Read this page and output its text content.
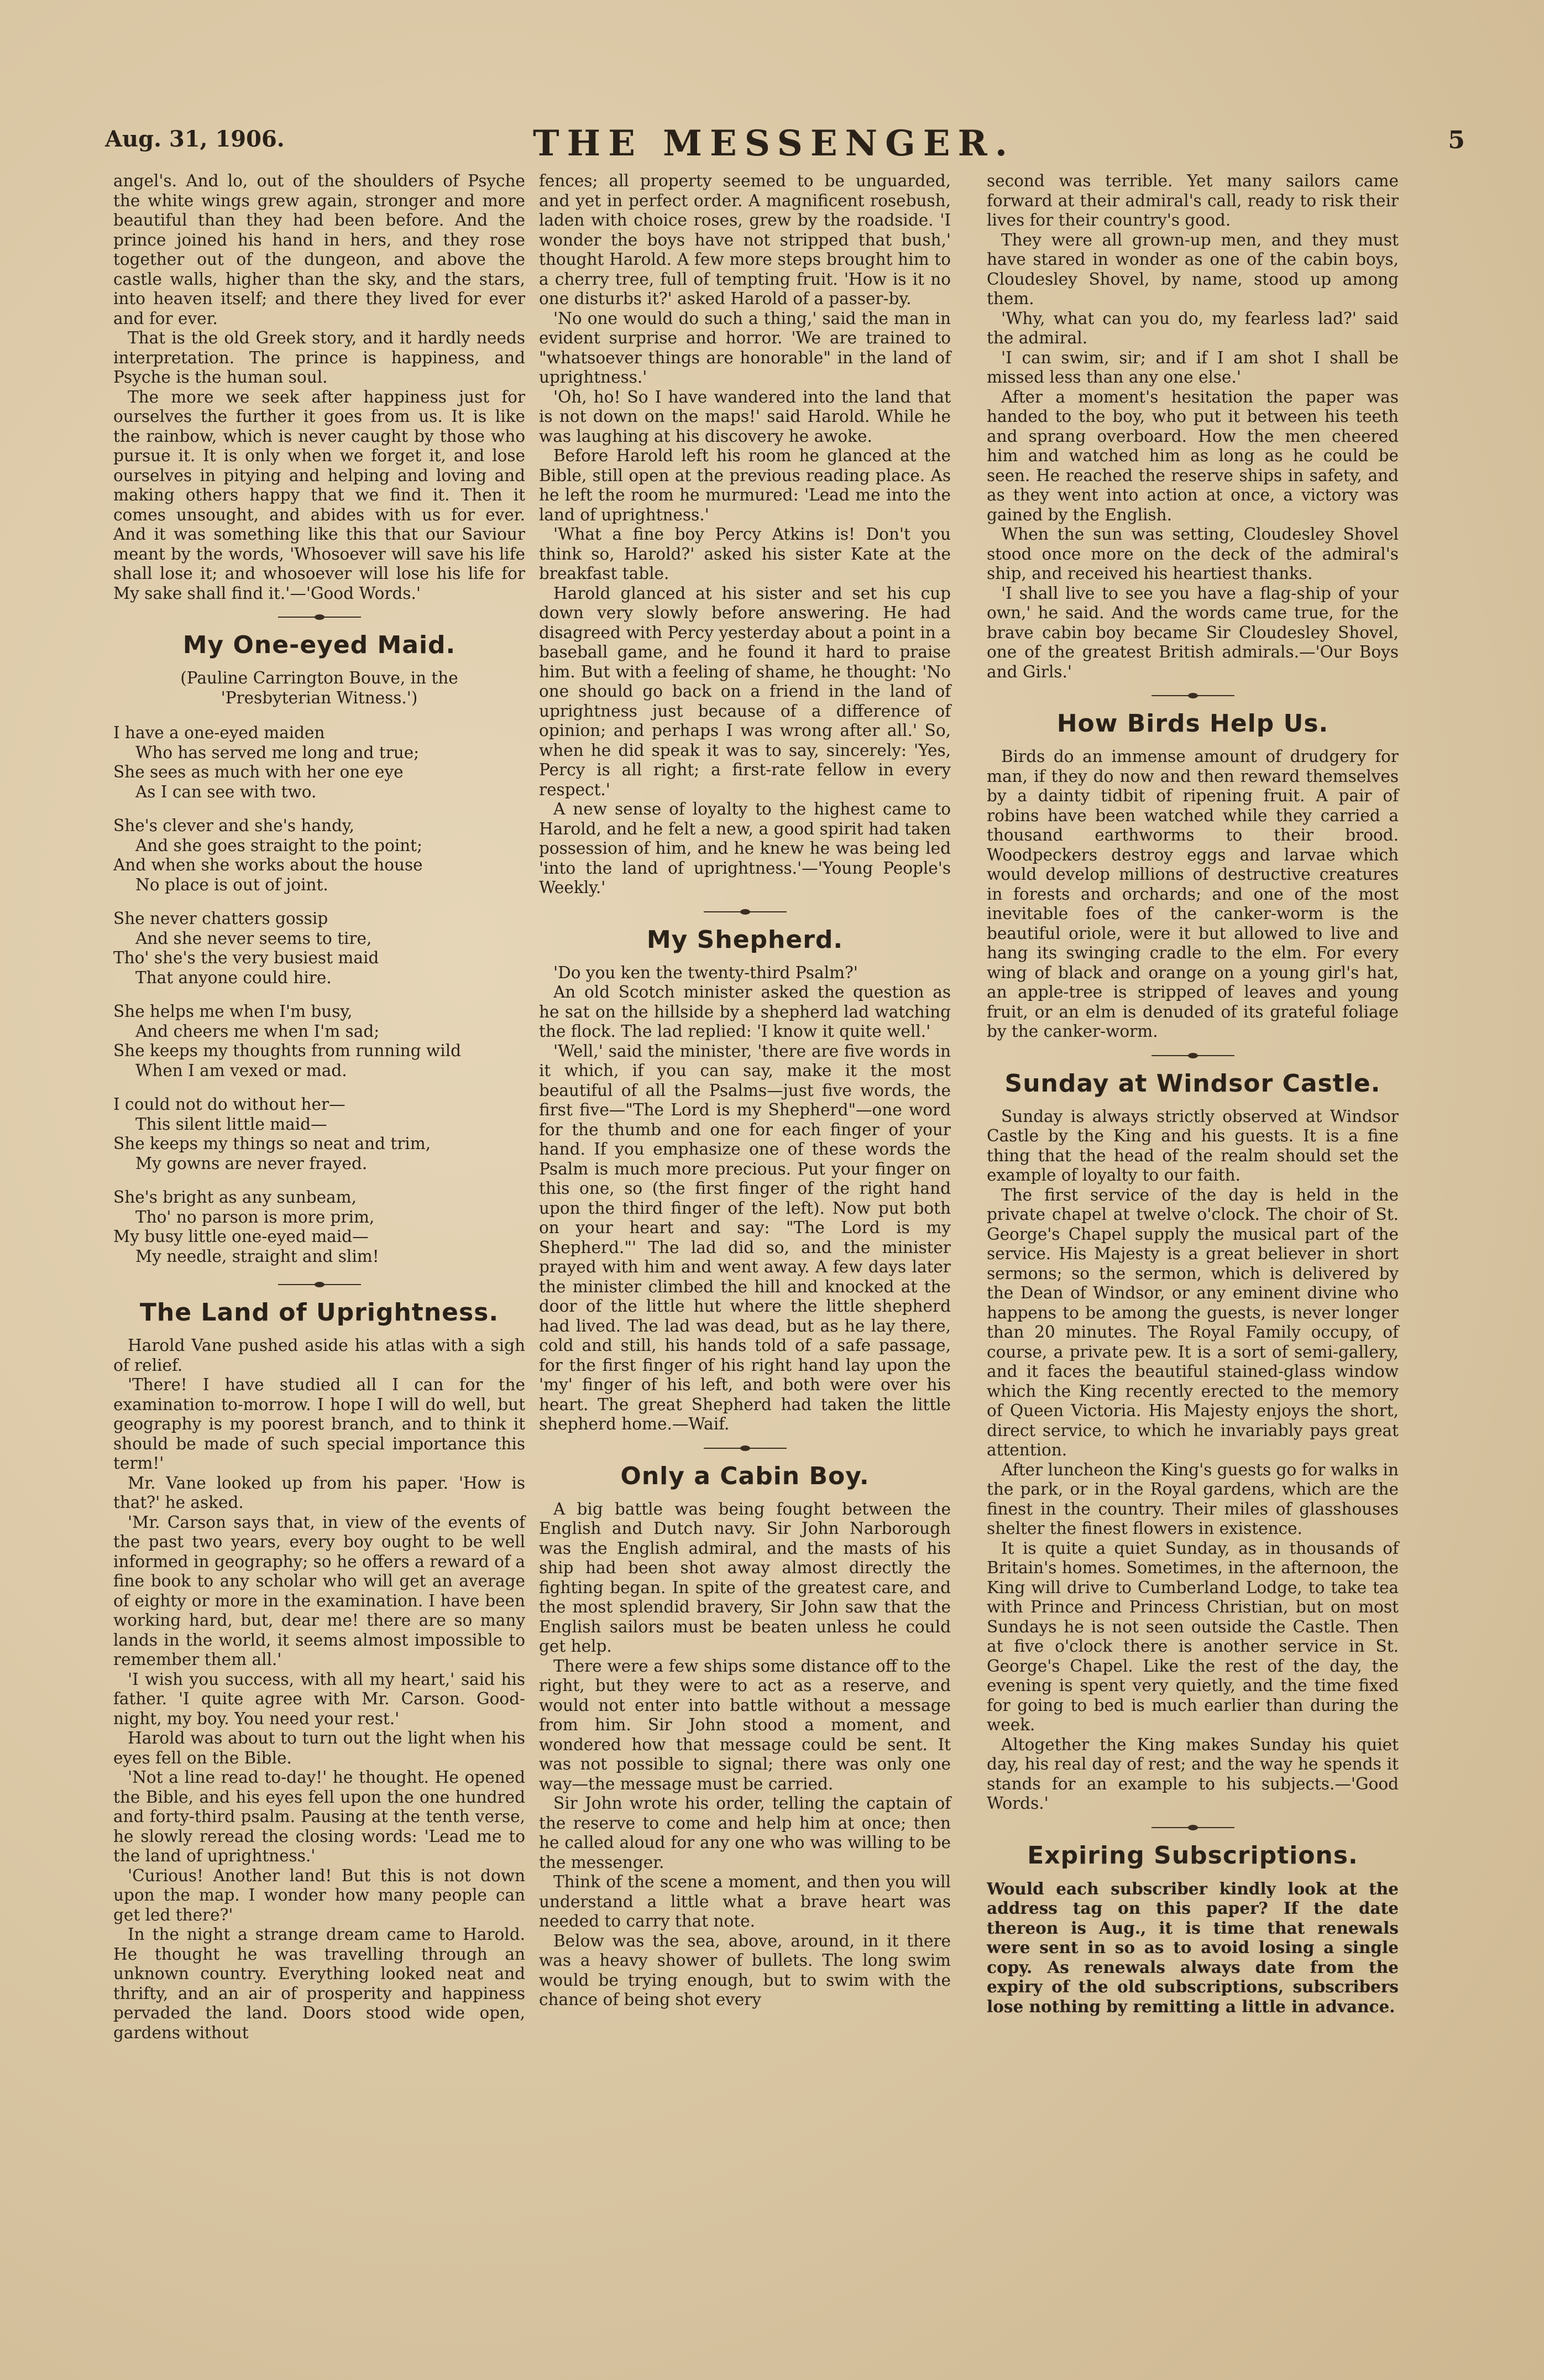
Aug. 31, 1906.	THE MESSENGER.	5

angel's. And lo, out of the shoulders of Psyche the white wings grew again, stronger and more beautiful than they had been before. And the prince joined his hand in hers, and they rose together out of the dungeon, and above the castle walls, higher than the sky, and the stars, into heaven itself; and there they lived for ever and for ever.

That is the old Greek story, and it hardly needs interpretation. The prince is happiness, and Psyche is the human soul.

The more we seek after happiness just for ourselves the further it goes from us. It is like the rainbow, which is never caught by those who pursue it. It is only when we forget it, and lose ourselves in pitying and helping and loving and making others happy that we find it. Then it comes unsought, and abides with us for ever. And it was something like this that our Saviour meant by the words, 'Whosoever will save his life shall lose it; and whosoever will lose his life for My sake shall find it.'—'Good Words.'

My One-eyed Maid.

(Pauline Carrington Bouve, in the

'Presbyterian Witness.')

I have a one-eyed maiden
Who has served me long and true;
She sees as much with her one eye
As I can see with two.
She's clever and she's handy,
And she goes straight to the point;
And when she works about the house
No place is out of joint.
She never chatters gossip
And she never seems to tire,
Tho' she's the very busiest maid
That anyone could hire.
She helps me when I'm busy,
And cheers me when I'm sad;
She keeps my thoughts from running wild
When I am vexed or mad.
I could not do without her—
This silent little maid—
She keeps my things so neat and trim,
My gowns are never frayed.
She's bright as any sunbeam,
Tho' no parson is more prim,
My busy little one-eyed maid—
My needle, straight and slim!
The Land of Uprightness.

Harold Vane pushed aside his atlas with a sigh of relief.

'There! I have studied all I can for the examination to-morrow. I hope I will do well, but geography is my poorest branch, and to think it should be made of such special importance this term!'

Mr. Vane looked up from his paper. 'How is that?' he asked.

'Mr. Carson says that, in view of the events of the past two years, every boy ought to be well informed in geography; so he offers a reward of a fine book to any scholar who will get an average of eighty or more in the examination. I have been working hard, but, dear me! there are so many lands in the world, it seems almost impossible to remember them all.'

'I wish you success, with all my heart,' said his father. 'I quite agree with Mr. Carson. Good-night, my boy. You need your rest.'

Harold was about to turn out the light when his eyes fell on the Bible.

'Not a line read to-day!' he thought. He opened the Bible, and his eyes fell upon the one hundred and forty-third psalm. Pausing at the tenth verse, he slowly reread the closing words: 'Lead me to the land of uprightness.'

'Curious! Another land! But this is not down upon the map. I wonder how many people can get led there?'

In the night a strange dream came to Harold. He thought he was travelling through an unknown country. Everything looked neat and thrifty, and an air of prosperity and happiness pervaded the land. Doors stood wide open, gardens without

fences; all property seemed to be unguarded, and yet in perfect order. A magnificent rosebush, laden with choice roses, grew by the roadside. 'I wonder the boys have not stripped that bush,' thought Harold. A few more steps brought him to a cherry tree, full of tempting fruit. 'How is it no one disturbs it?' asked Harold of a passer-by.

'No one would do such a thing,' said the man in evident surprise and horror. 'We are trained to "whatsoever things are honorable" in the land of uprightness.'

'Oh, ho! So I have wandered into the land that is not down on the maps!' said Harold. While he was laughing at his discovery he awoke.

Before Harold left his room he glanced at the Bible, still open at the previous reading place. As he left the room he murmured: 'Lead me into the land of uprightness.'

'What a fine boy Percy Atkins is! Don't you think so, Harold?' asked his sister Kate at the breakfast table.

Harold glanced at his sister and set his cup down very slowly before answering. He had disagreed with Percy yesterday about a point in a baseball game, and he found it hard to praise him. But with a feeling of shame, he thought: 'No one should go back on a friend in the land of uprightness just because of a difference of opinion; and perhaps I was wrong after all.' So, when he did speak it was to say, sincerely: 'Yes, Percy is all right; a first-rate fellow in every respect.'

A new sense of loyalty to the highest came to Harold, and he felt a new, a good spirit had taken possession of him, and he knew he was being led 'into the land of uprightness.'—'Young People's Weekly.'

My Shepherd.

'Do you ken the twenty-third Psalm?'

An old Scotch minister asked the question as he sat on the hillside by a shepherd lad watching the flock. The lad replied: 'I know it quite well.'

'Well,' said the minister, 'there are five words in it which, if you can say, make it the most beautiful of all the Psalms—just five words, the first five—"The Lord is my Shepherd"—one word for the thumb and one for each finger of your hand. If you emphasize one of these words the Psalm is much more precious. Put your finger on this one, so (the first finger of the right hand upon the third finger of the left). Now put both on your heart and say: "The Lord is my Shepherd."' The lad did so, and the minister prayed with him and went away. A few days later the minister climbed the hill and knocked at the door of the little hut where the little shepherd had lived. The lad was dead, but as he lay there, cold and still, his hands told of a safe passage, for the first finger of his right hand lay upon the 'my' finger of his left, and both were over his heart. The great Shepherd had taken the little shepherd home.—Waif.

Only a Cabin Boy.

A big battle was being fought between the English and Dutch navy. Sir John Narborough was the English admiral, and the masts of his ship had been shot away almost directly the fighting began. In spite of the greatest care, and the most splendid bravery, Sir John saw that the English sailors must be beaten unless he could get help.

There were a few ships some distance off to the right, but they were to act as a reserve, and would not enter into battle without a message from him. Sir John stood a moment, and wondered how that message could be sent. It was not possible to signal; there was only one way—the message must be carried.

Sir John wrote his order, telling the captain of the reserve to come and help him at once; then he called aloud for any one who was willing to be the messenger.

Think of the scene a moment, and then you will understand a little what a brave heart was needed to carry that note.

Below was the sea, above, around, in it there was a heavy shower of bullets. The long swim would be trying enough, but to swim with the chance of being shot every

second was terrible. Yet many sailors came forward at their admiral's call, ready to risk their lives for their country's good.

They were all grown-up men, and they must have stared in wonder as one of the cabin boys, Cloudesley Shovel, by name, stood up among them.

'Why, what can you do, my fearless lad?' said the admiral.

'I can swim, sir; and if I am shot I shall be missed less than any one else.'

After a moment's hesitation the paper was handed to the boy, who put it between his teeth and sprang overboard. How the men cheered him and watched him as long as he could be seen. He reached the reserve ships in safety, and as they went into action at once, a victory was gained by the English.

When the sun was setting, Cloudesley Shovel stood once more on the deck of the admiral's ship, and received his heartiest thanks.

'I shall live to see you have a flag-ship of your own,' he said. And the words came true, for the brave cabin boy became Sir Cloudesley Shovel, one of the greatest British admirals.—'Our Boys and Girls.'

How Birds Help Us.

Birds do an immense amount of drudgery for man, if they do now and then reward themselves by a dainty tidbit of ripening fruit. A pair of robins have been watched while they carried a thousand earthworms to their brood. Woodpeckers destroy eggs and larvae which would develop millions of destructive creatures in forests and orchards; and one of the most inevitable foes of the canker-worm is the beautiful oriole, were it but allowed to live and hang its swinging cradle to the elm. For every wing of black and orange on a young girl's hat, an apple-tree is stripped of leaves and young fruit, or an elm is denuded of its grateful foliage by the canker-worm.

Sunday at Windsor Castle.

Sunday is always strictly observed at Windsor Castle by the King and his guests. It is a fine thing that the head of the realm should set the example of loyalty to our faith.

The first service of the day is held in the private chapel at twelve o'clock. The choir of St. George's Chapel supply the musical part of the service. His Majesty is a great believer in short sermons; so the sermon, which is delivered by the Dean of Windsor, or any eminent divine who happens to be among the guests, is never longer than 20 minutes. The Royal Family occupy, of course, a private pew. It is a sort of semi-gallery, and it faces the beautiful stained-glass window which the King recently erected to the memory of Queen Victoria. His Majesty enjoys the short, direct service, to which he invariably pays great attention.

After luncheon the King's guests go for walks in the park, or in the Royal gardens, which are the finest in the country. Their miles of glasshouses shelter the finest flowers in existence.

It is quite a quiet Sunday, as in thousands of Britain's homes. Sometimes, in the afternoon, the King will drive to Cumberland Lodge, to take tea with Prince and Princess Christian, but on most Sundays he is not seen outside the Castle. Then at five o'clock there is another service in St. George's Chapel. Like the rest of the day, the evening is spent very quietly, and the time fixed for going to bed is much earlier than during the week.

Altogether the King makes Sunday his quiet day, his real day of rest; and the way he spends it stands for an example to his subjects.—'Good Words.'

Expiring Subscriptions.

Would each subscriber kindly look at the address tag on this paper? If the date thereon is Aug., it is time that renewals were sent in so as to avoid losing a single copy. As renewals always date from the expiry of the old subscriptions, subscribers lose nothing by remitting a little in advance.
